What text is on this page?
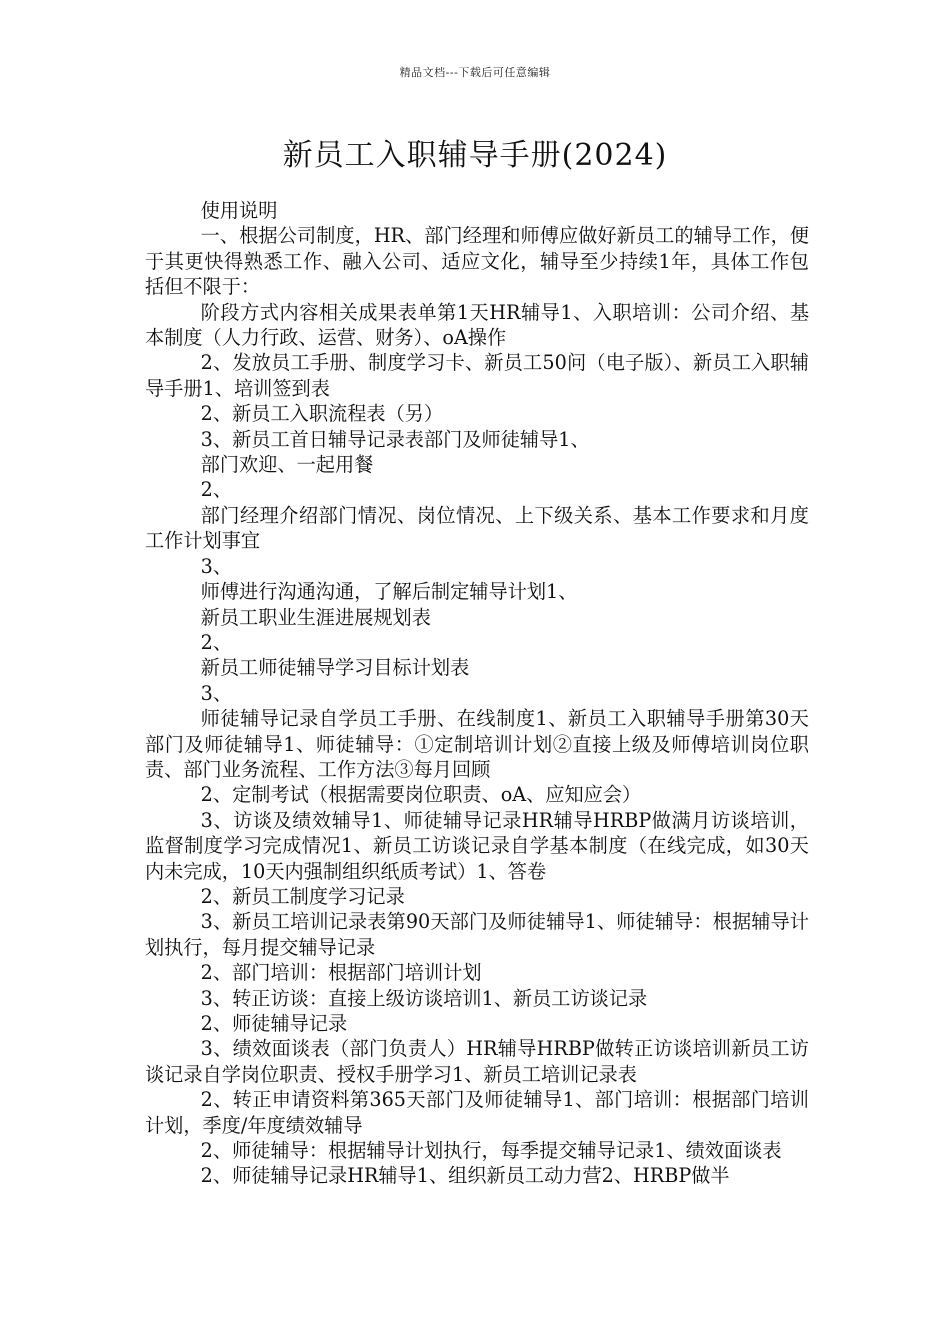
精品文档---下载后可任意编辑
新员工入职辅导手册(2024)

使用说明

一、根据公司制度，HR、部门经理和师傅应做好新员工的辅导工作，便于其更快得熟悉工作、融入公司、适应文化，辅导至少持续1年，具体工作包括但不限于：

阶段方式内容相关成果表单第1天HR辅导1、入职培训：公司介绍、基本制度（人力行政、运营、财务）、oA操作

2、发放员工手册、制度学习卡、新员工50问（电子版）、新员工入职辅导手册1、培训签到表

2、新员工入职流程表（另）

3、新员工首日辅导记录表部门及师徒辅导1、

部门欢迎、一起用餐

2、

部门经理介绍部门情况、岗位情况、上下级关系、基本工作要求和月度工作计划事宜

3、

师傅进行沟通沟通，了解后制定辅导计划1、

新员工职业生涯进展规划表

2、

新员工师徒辅导学习目标计划表

3、

师徒辅导记录自学员工手册、在线制度1、新员工入职辅导手册第30天部门及师徒辅导1、师徒辅导：①定制培训计划②直接上级及师傅培训岗位职责、部门业务流程、工作方法③每月回顾

2、定制考试（根据需要岗位职责、oA、应知应会）

3、访谈及绩效辅导1、师徒辅导记录HR辅导HRBP做满月访谈培训，监督制度学习完成情况1、新员工访谈记录自学基本制度（在线完成，如30天内未完成，10天内强制组织纸质考试）1、答卷

2、新员工制度学习记录

3、新员工培训记录表第90天部门及师徒辅导1、师徒辅导：根据辅导计划执行，每月提交辅导记录

2、部门培训：根据部门培训计划

3、转正访谈：直接上级访谈培训1、新员工访谈记录

2、师徒辅导记录

3、绩效面谈表（部门负责人）HR辅导HRBP做转正访谈培训新员工访谈记录自学岗位职责、授权手册学习1、新员工培训记录表

2、转正申请资料第365天部门及师徒辅导1、部门培训：根据部门培训计划，季度/年度绩效辅导

2、师徒辅导：根据辅导计划执行，每季提交辅导记录1、绩效面谈表

2、师徒辅导记录HR辅导1、组织新员工动力营2、HRBP做半
